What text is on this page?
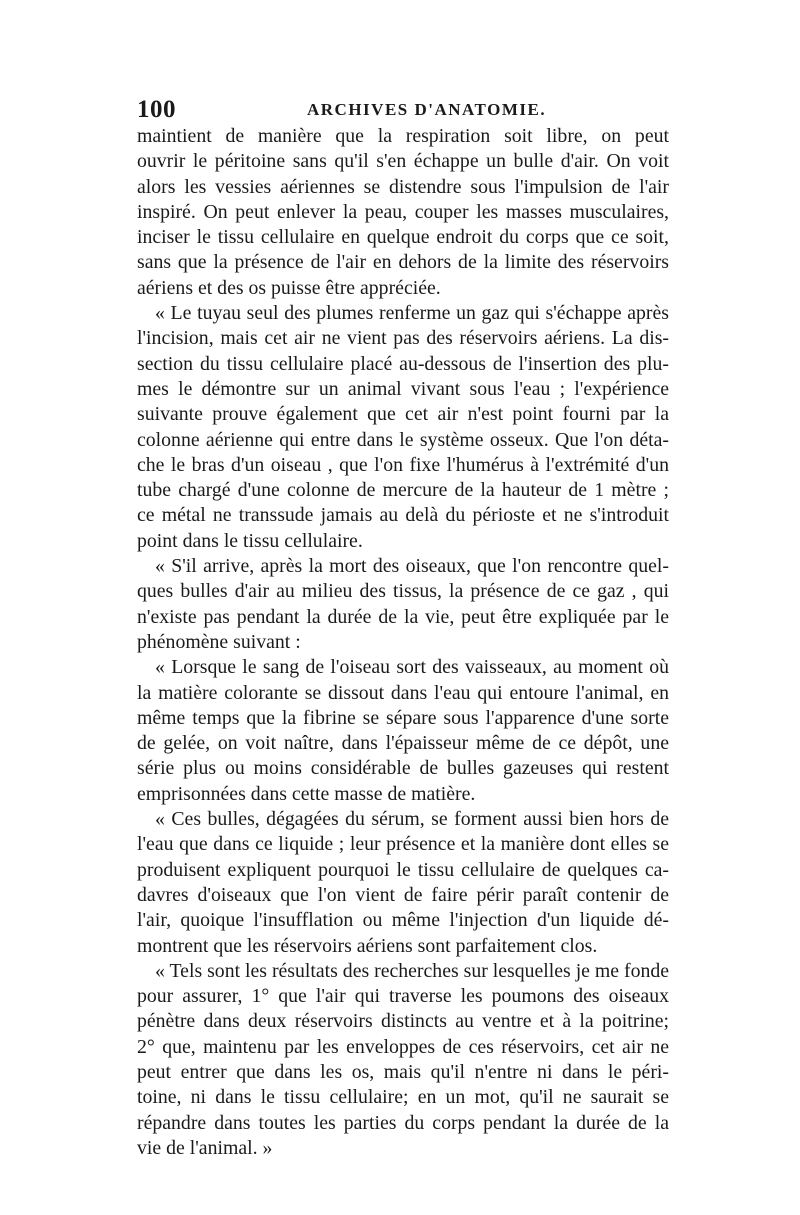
100	ARCHIVES D'ANATOMIE.
maintient de manière que la respiration soit libre, on peut
ouvrir le péritoine sans qu'il s'en échappe un bulle d'air. On voit
alors les vessies aériennes se distendre sous l'impulsion de l'air
inspiré. On peut enlever la peau, couper les masses musculaires,
inciser le tissu cellulaire en quelque endroit du corps que ce soit,
sans que la présence de l'air en dehors de la limite des réservoirs
aériens et des os puisse être appréciée.
« Le tuyau seul des plumes renferme un gaz qui s'échappe après
l'incision, mais cet air ne vient pas des réservoirs aériens. La dis-
section du tissu cellulaire placé au-dessous de l'insertion des plu-
mes le démontre sur un animal vivant sous l'eau ; l'expérience
suivante prouve également que cet air n'est point fourni par la
colonne aérienne qui entre dans le système osseux. Que l'on déta-
che le bras d'un oiseau , que l'on fixe l'humérus à l'extrémité d'un
tube chargé d'une colonne de mercure de la hauteur de 1 mètre ;
ce métal ne transsude jamais au delà du périoste et ne s'introduit
point dans le tissu cellulaire.
« S'il arrive, après la mort des oiseaux, que l'on rencontre quel-
ques bulles d'air au milieu des tissus, la présence de ce gaz , qui
n'existe pas pendant la durée de la vie, peut être expliquée par le
phénomène suivant :
« Lorsque le sang de l'oiseau sort des vaisseaux, au moment où
la matière colorante se dissout dans l'eau qui entoure l'animal, en
même temps que la fibrine se sépare sous l'apparence d'une sorte
de gelée, on voit naître, dans l'épaisseur même de ce dépôt, une
série plus ou moins considérable de bulles gazeuses qui restent
emprisonnées dans cette masse de matière.
« Ces bulles, dégagées du sérum, se forment aussi bien hors de
l'eau que dans ce liquide ; leur présence et la manière dont elles se
produisent expliquent pourquoi le tissu cellulaire de quelques ca-
davres d'oiseaux que l'on vient de faire périr paraît contenir de
l'air, quoique l'insufflation ou même l'injection d'un liquide dé-
montrent que les réservoirs aériens sont parfaitement clos.
« Tels sont les résultats des recherches sur lesquelles je me fonde
pour assurer, 1° que l'air qui traverse les poumons des oiseaux
pénètre dans deux réservoirs distincts au ventre et à la poitrine;
2° que, maintenu par les enveloppes de ces réservoirs, cet air ne
peut entrer que dans les os, mais qu'il n'entre ni dans le péri-
toine, ni dans le tissu cellulaire; en un mot, qu'il ne saurait se
répandre dans toutes les parties du corps pendant la durée de la
vie de l'animal. »
